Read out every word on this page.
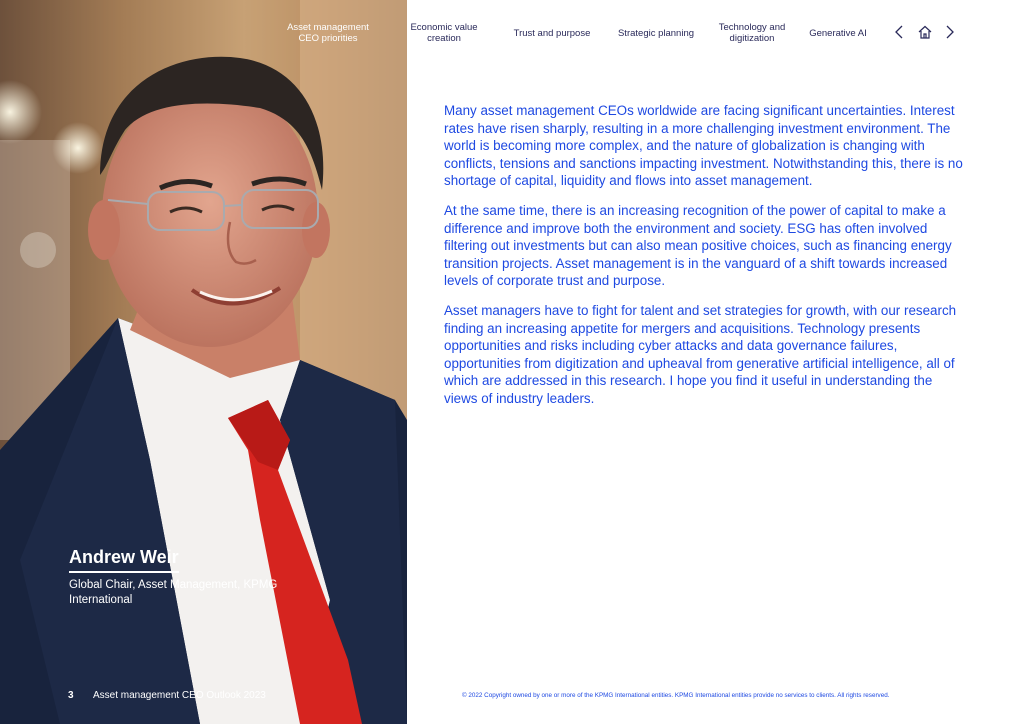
Andrew Weir
Global Chair, Asset Management, KPMG International
3 Asset management CEO Outlook 2023
Asset management CEO priorities
Economic value creation	Trust and purpose	Strategic planning	Technology and digitization	Generative AI

Many asset management CEOs worldwide are facing significant uncertainties. Interest rates have risen sharply, resulting in a more challenging investment environment. The world is becoming more complex, and the nature of globalization is changing with conflicts, tensions and sanctions impacting investment. Notwithstanding this, there is no shortage of capital, liquidity and flows into asset management.

At the same time, there is an increasing recognition of the power of capital to make a difference and improve both the environment and society. ESG has often involved filtering out investments but can also mean positive choices, such as financing energy transition projects. Asset management is in the vanguard of a shift towards increased levels of corporate trust and purpose.

Asset managers have to fight for talent and set strategies for growth, with our research finding an increasing appetite for mergers and acquisitions. Technology presents opportunities and risks including cyber attacks and data governance failures, opportunities from digitization and upheaval from generative artificial intelligence, all of which are addressed in this research. I hope you find it useful in understanding the views of industry leaders.

© 2022 Copyright owned by one or more of the KPMG International entities. KPMG International entities provide no services to clients. All rights reserved.
